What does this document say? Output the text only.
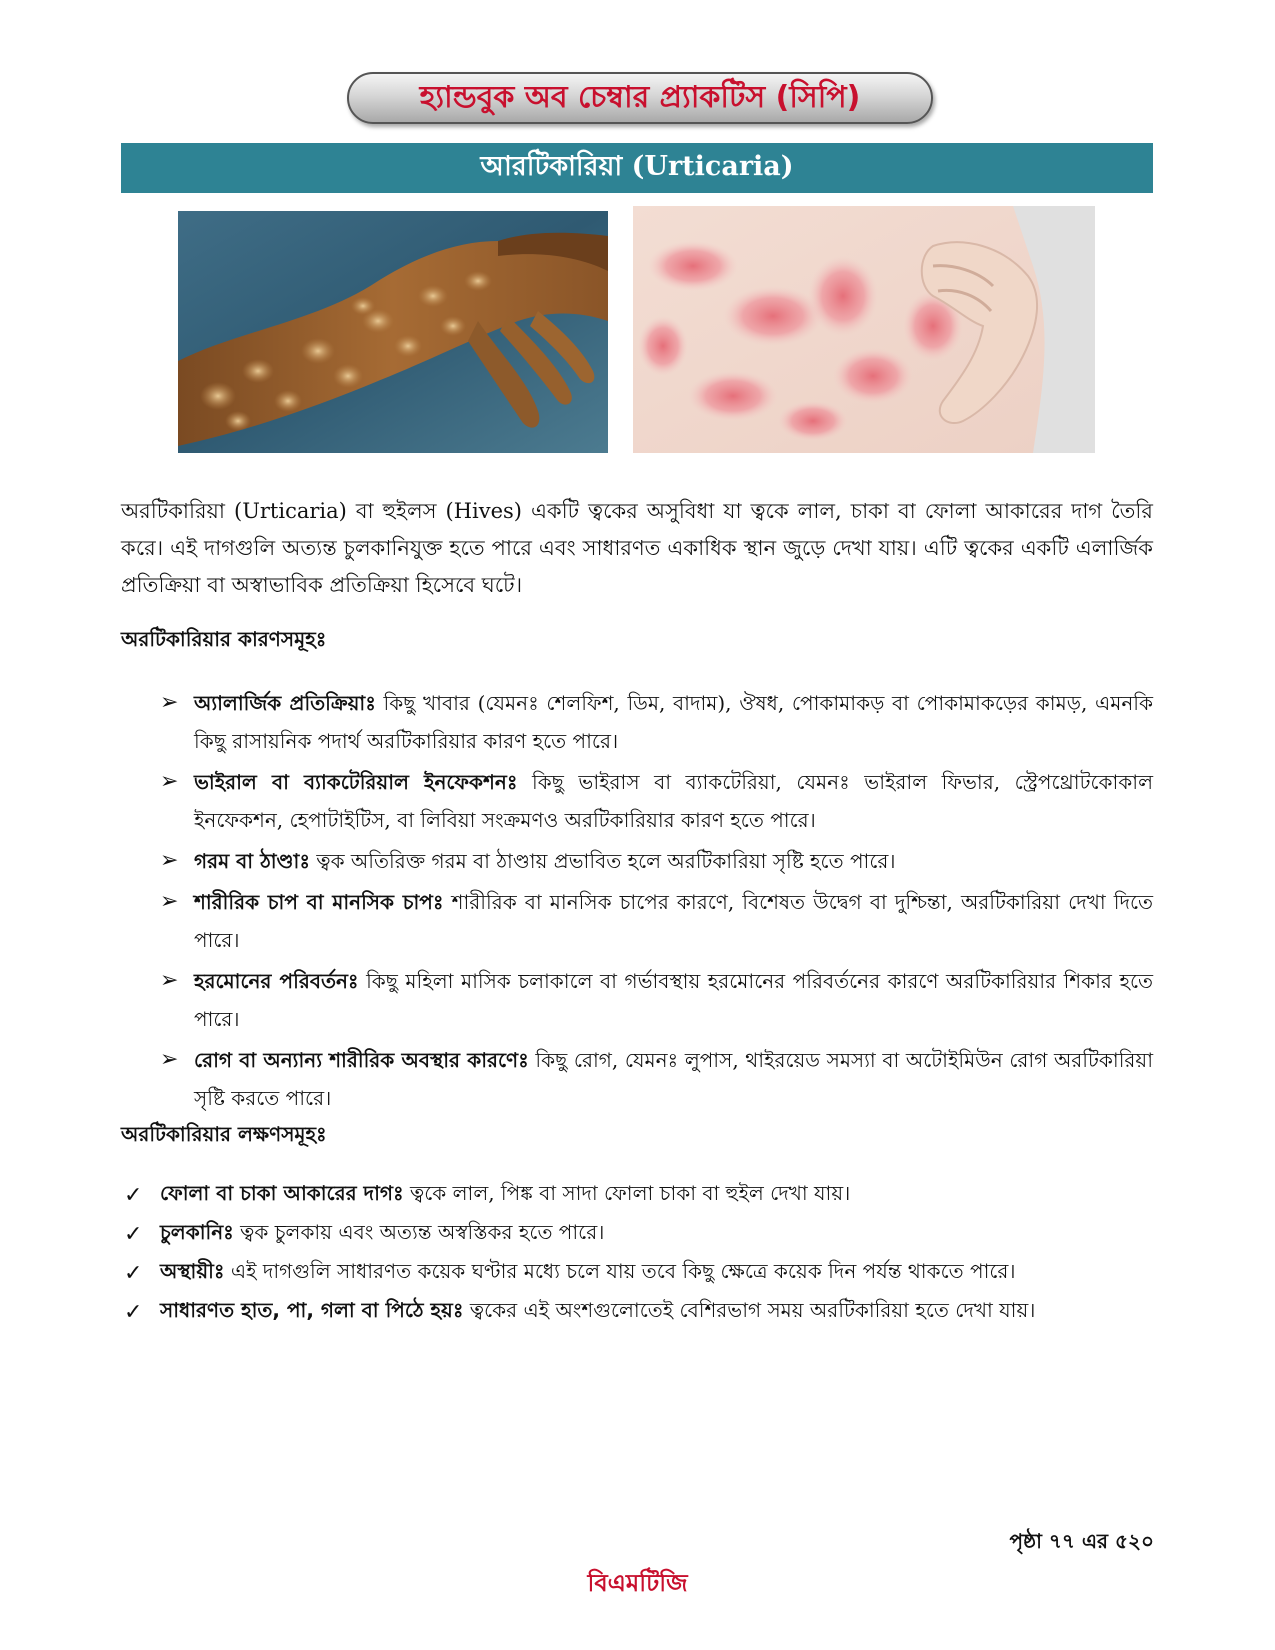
হ্যান্ডবুক অব চেম্বার প্র্যাকটিস (সিপি)
আরটিকারিয়া (Urticaria)

অরটিকারিয়া (Urticaria) বা হুইলস (Hives) একটি ত্বকের অসুবিধা যা ত্বকে লাল, চাকা বা ফোলা আকারের দাগ তৈরি করে। এই দাগগুলি অত্যন্ত চুলকানিযুক্ত হতে পারে এবং সাধারণত একাধিক স্থান জুড়ে দেখা যায়। এটি ত্বকের একটি এলার্জিক প্রতিক্রিয়া বা অস্বাভাবিক প্রতিক্রিয়া হিসেবে ঘটে।

অরটিকারিয়ার কারণসমূহঃ
➢ অ্যালার্জিক প্রতিক্রিয়াঃ কিছু খাবার (যেমনঃ শেলফিশ, ডিম, বাদাম), ঔষধ, পোকামাকড় বা পোকামাকড়ের কামড়, এমনকি কিছু রাসায়নিক পদার্থ অরটিকারিয়ার কারণ হতে পারে।
➢ ভাইরাল বা ব্যাকটেরিয়াল ইনফেকশনঃ কিছু ভাইরাস বা ব্যাকটেরিয়া, যেমনঃ ভাইরাল ফিভার, স্ট্রেপথ্রোটকোকাল ইনফেকশন, হেপাটাইটিস, বা লিবিয়া সংক্রমণও অরটিকারিয়ার কারণ হতে পারে।
➢ গরম বা ঠাণ্ডাঃ ত্বক অতিরিক্ত গরম বা ঠাণ্ডায় প্রভাবিত হলে অরটিকারিয়া সৃষ্টি হতে পারে।
➢ শারীরিক চাপ বা মানসিক চাপঃ শারীরিক বা মানসিক চাপের কারণে, বিশেষত উদ্বেগ বা দুশ্চিন্তা, অরটিকারিয়া দেখা দিতে পারে।
➢ হরমোনের পরিবর্তনঃ কিছু মহিলা মাসিক চলাকালে বা গর্ভাবস্থায় হরমোনের পরিবর্তনের কারণে অরটিকারিয়ার শিকার হতে পারে।
➢ রোগ বা অন্যান্য শারীরিক অবস্থার কারণেঃ কিছু রোগ, যেমনঃ লুপাস, থাইরয়েড সমস্যা বা অটোইমিউন রোগ অরটিকারিয়া সৃষ্টি করতে পারে।
অরটিকারিয়ার লক্ষণসমূহঃ
✓ ফোলা বা চাকা আকারের দাগঃ ত্বকে লাল, পিঙ্ক বা সাদা ফোলা চাকা বা হুইল দেখা যায়।
✓ চুলকানিঃ ত্বক চুলকায় এবং অত্যন্ত অস্বস্তিকর হতে পারে।
✓ অস্থায়ীঃ এই দাগগুলি সাধারণত কয়েক ঘণ্টার মধ্যে চলে যায় তবে কিছু ক্ষেত্রে কয়েক দিন পর্যন্ত থাকতে পারে।
✓ সাধারণত হাত, পা, গলা বা পিঠে হয়ঃ ত্বকের এই অংশগুলোতেই বেশিরভাগ সময় অরটিকারিয়া হতে দেখা যায়।
পৃষ্ঠা ৭৭ এর ৫২০
বিএমটিজি
